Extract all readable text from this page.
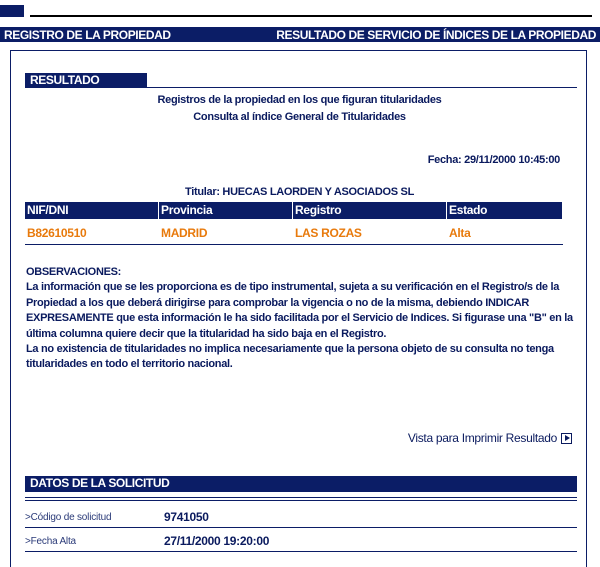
REGISTRO DE LA PROPIEDAD	RESULTADO DE SERVICIO DE ÍNDICES DE LA PROPIEDAD
RESULTADO
Registros de la propiedad en los que figuran titularidades
Consulta al índice General de Titularidades
Fecha: 29/11/2000 10:45:00
Titular: HUECAS LAORDEN Y ASOCIADOS SL
NIF/DNI	Provincia	Registro	Estado
B82610510	MADRID	LAS ROZAS	Alta

OBSERVACIONES:

La información que se les proporciona es de tipo instrumental, sujeta a su verificación en el Registro/s de la Propiedad a los que deberá dirigirse para comprobar la vigencia o no de la misma, debiendo INDICAR EXPRESAMENTE que esta información le ha sido facilitada por el Servicio de Indices. Si figurase una "B" en la última columna quiere decir que la titularidad ha sido baja en el Registro.

La no existencia de titularidades no implica necesariamente que la persona objeto de su consulta no tenga titularidades en todo el territorio nacional.

Vista para Imprimir Resultado
DATOS DE LA SOLICITUD
>Código de solicitud	9741050
>Fecha Alta	27/11/2000 19:20:00
